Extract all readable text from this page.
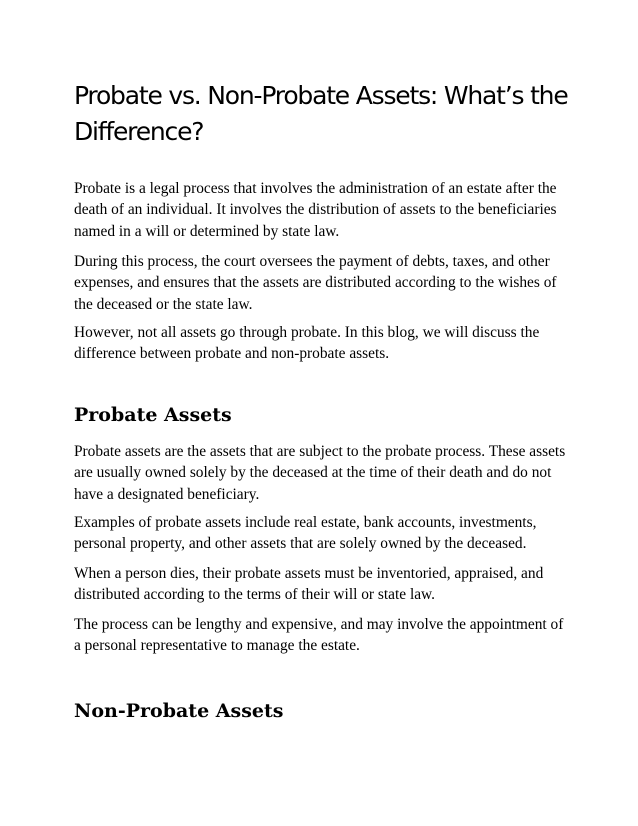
Probate vs. Non-Probate Assets: What’s the Difference?

Probate is a legal process that involves the administration of an estate after the death of an individual. It involves the distribution of assets to the beneficiaries named in a will or determined by state law.

During this process, the court oversees the payment of debts, taxes, and other expenses, and ensures that the assets are distributed according to the wishes of the deceased or the state law.

However, not all assets go through probate. In this blog, we will discuss the difference between probate and non-probate assets.

Probate Assets

Probate assets are the assets that are subject to the probate process. These assets are usually owned solely by the deceased at the time of their death and do not have a designated beneficiary.

Examples of probate assets include real estate, bank accounts, investments, personal property, and other assets that are solely owned by the deceased.

When a person dies, their probate assets must be inventoried, appraised, and distributed according to the terms of their will or state law.

The process can be lengthy and expensive, and may involve the appointment of a personal representative to manage the estate.

Non-Probate Assets
